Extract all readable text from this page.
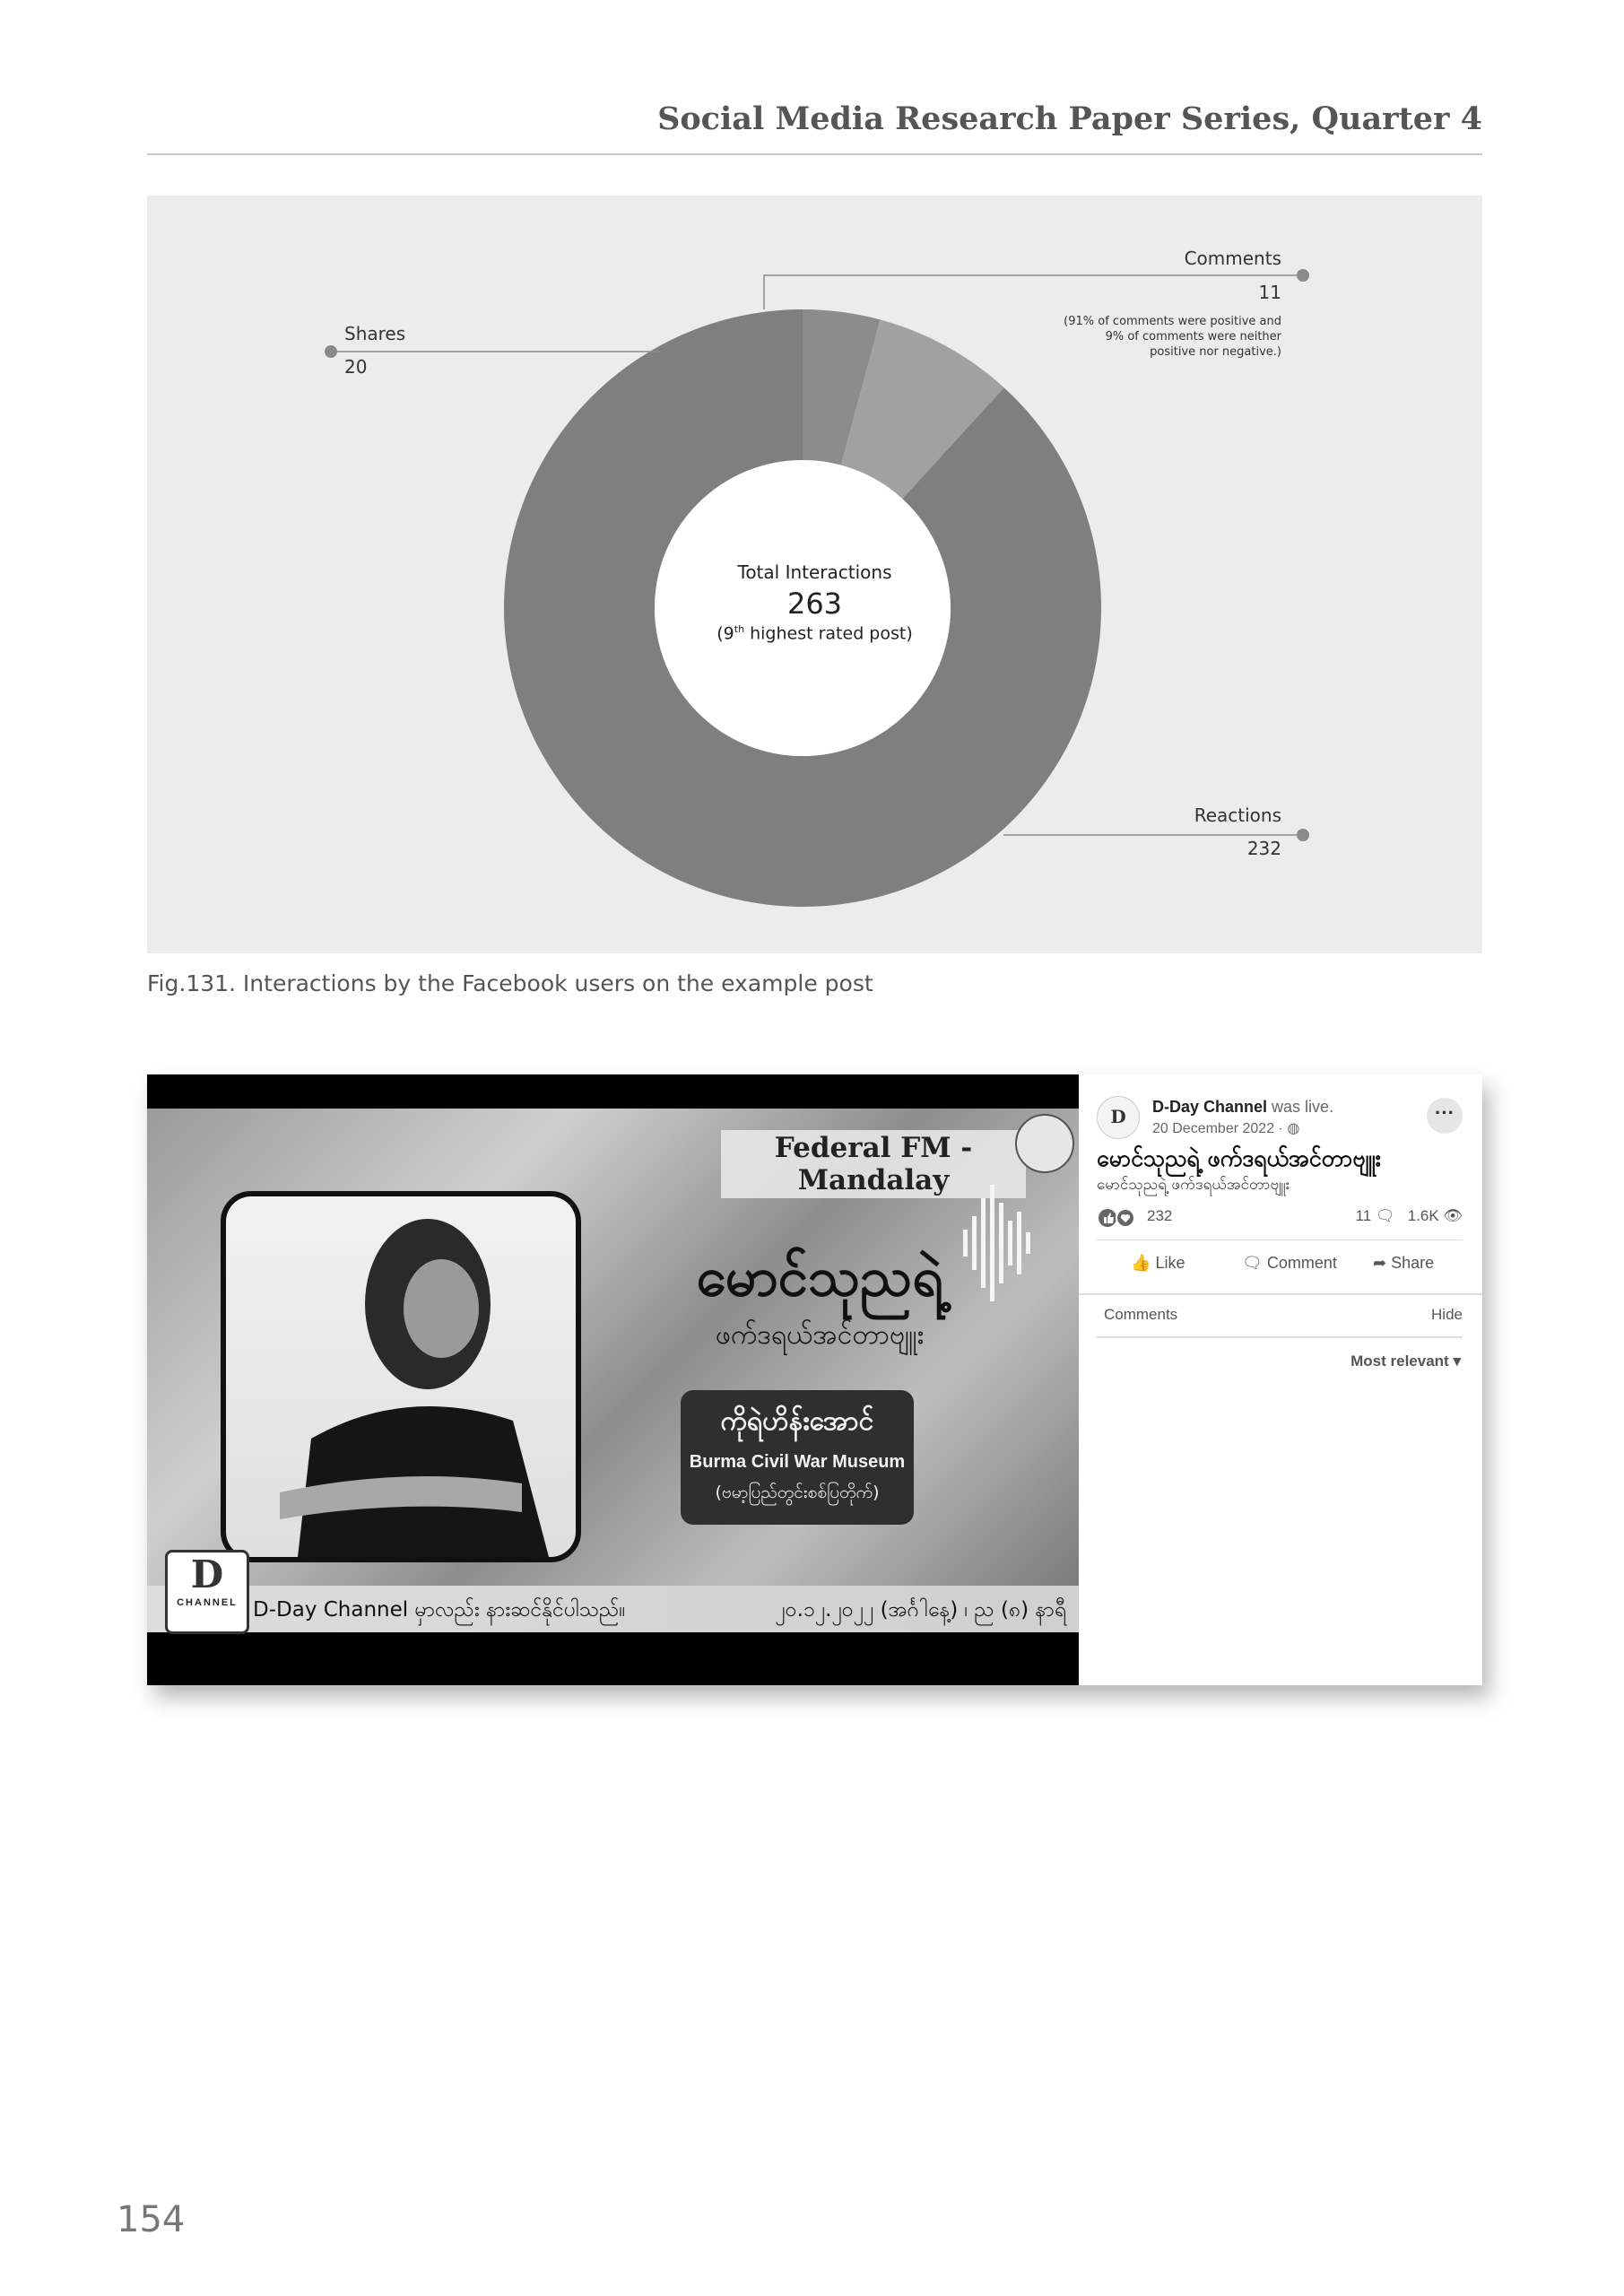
Social Media Research Paper Series, Quarter 4
Comments
11
(91% of comments were positive and
9% of comments were neither
positive nor negative.)
Shares
20
Reactions
232
Total Interactions
263
(9th highest rated post)
Fig.131. Interactions by the Facebook users on the example post
Federal FM - Mandalay
မောင်သုညရဲ့
ဖက်ဒရယ်အင်တာဗျူး
ကိုရဲဟိန်းအောင်
Burma Civil War Museum
(ဗမာ့ပြည်တွင်းစစ်ပြတိုက်)
D
CHANNEL D-Day Channel မှာလည်း နားဆင်နိုင်ပါသည်။	၂၀.၁၂.၂၀၂၂ (အင်္ဂါနေ့) ၊ ည (၈) နာရီ
D	D-Day Channel was live.
20 December 2022 · ◍
···
မောင်သုညရဲ့ ဖက်ဒရယ်အင်တာဗျူး
မောင်သုညရဲ့ ဖက်ဒရယ်အင်တာဗျူး
232	11 🗨 1.6K 👁
👍 Like	🗨 Comment ➦ Share
Comments	Hide
Most relevant ▾
154
